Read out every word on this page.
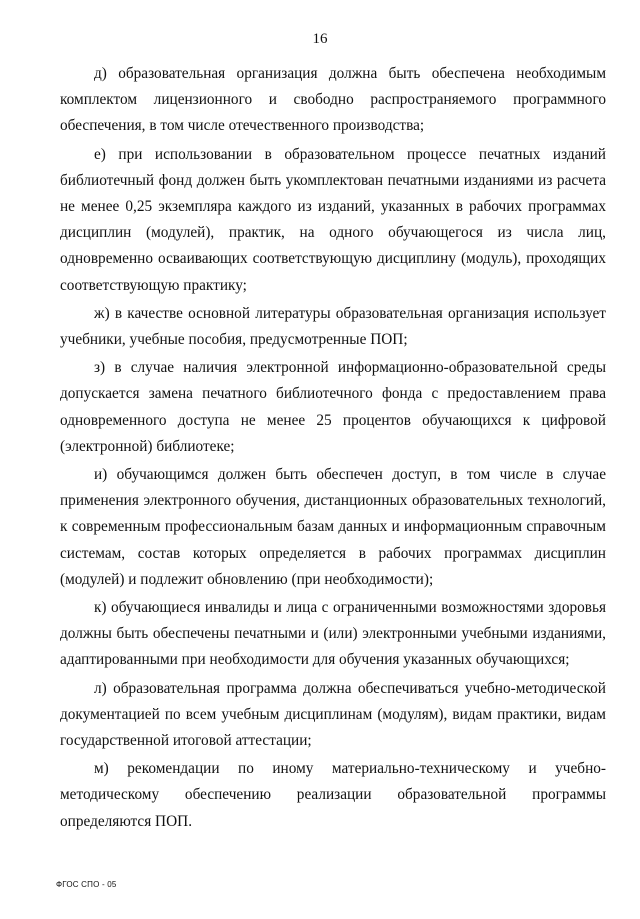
16

д) образовательная организация должна быть обеспечена необходимым комплектом лицензионного и свободно распространяемого программного обеспечения, в том числе отечественного производства;

е) при использовании в образовательном процессе печатных изданий библиотечный фонд должен быть укомплектован печатными изданиями из расчета не менее 0,25 экземпляра каждого из изданий, указанных в рабочих программах дисциплин (модулей), практик, на одного обучающегося из числа лиц, одновременно осваивающих соответствующую дисциплину (модуль), проходящих соответствующую практику;

ж) в качестве основной литературы образовательная организация использует учебники, учебные пособия, предусмотренные ПОП;

з) в случае наличия электронной информационно-образовательной среды допускается замена печатного библиотечного фонда с предоставлением права одновременного доступа не менее 25 процентов обучающихся к цифровой (электронной) библиотеке;

и) обучающимся должен быть обеспечен доступ, в том числе в случае применения электронного обучения, дистанционных образовательных технологий, к современным профессиональным базам данных и информационным справочным системам, состав которых определяется в рабочих программах дисциплин (модулей) и подлежит обновлению (при необходимости);

к) обучающиеся инвалиды и лица с ограниченными возможностями здоровья должны быть обеспечены печатными и (или) электронными учебными изданиями, адаптированными при необходимости для обучения указанных обучающихся;

л) образовательная программа должна обеспечиваться учебно-методической документацией по всем учебным дисциплинам (модулям), видам практики, видам государственной итоговой аттестации;

м) рекомендации по иному материально-техническому и учебно-методическому обеспечению реализации образовательной программы определяются ПОП.

ФГОС СПО - 05
